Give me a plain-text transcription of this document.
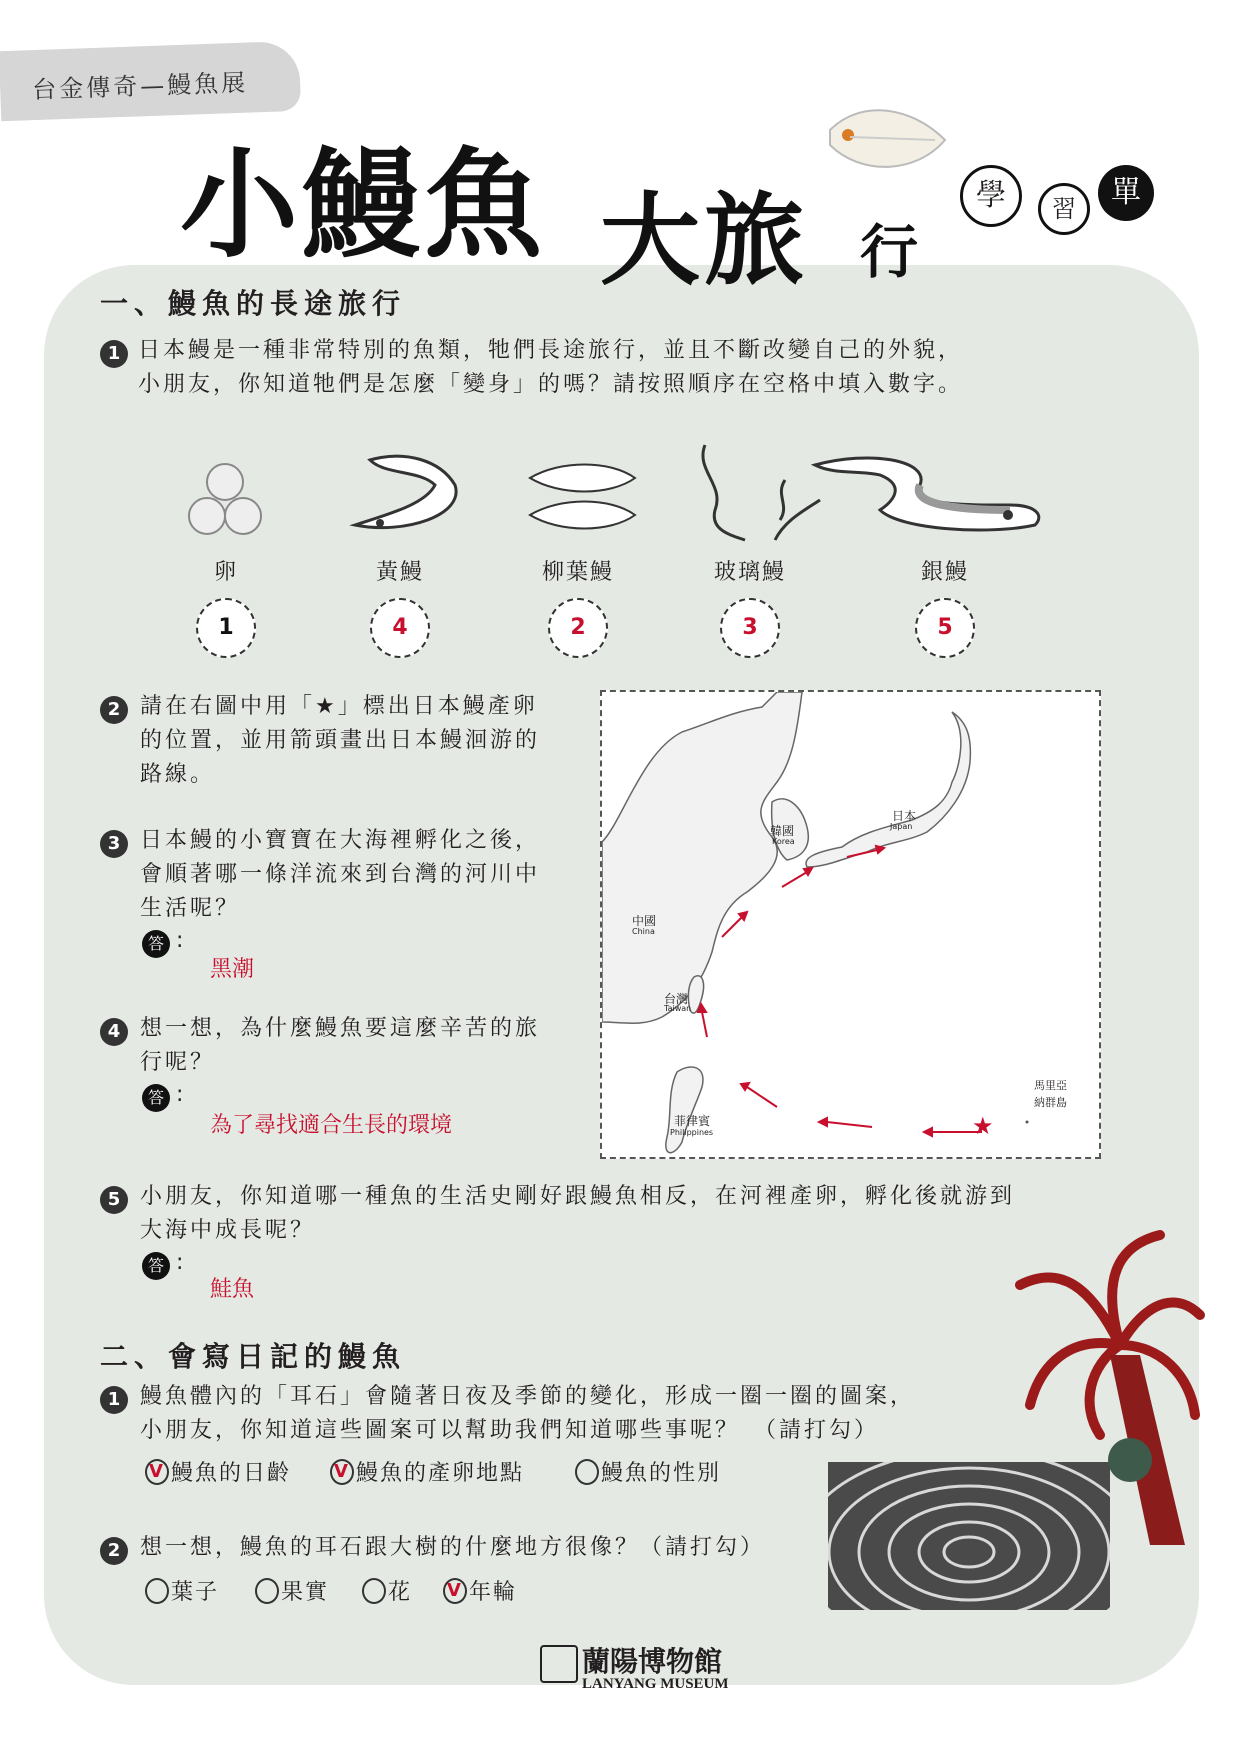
台金傳奇—鰻魚展
小鰻魚 大旅 行
學	習	單
一、鰻魚的長途旅行
1 日本鰻是一種非常特別的魚類，牠們長途旅行，並且不斷改變自己的外貌，
小朋友，你知道牠們是怎麼「變身」的嗎？請按照順序在空格中填入數字。
卵	黃鰻	柳葉鰻	玻璃鰻	銀鰻
1	4	2	3	5
2 請在右圖中用「★」標出日本鰻產卵
的位置，並用箭頭畫出日本鰻洄游的
路線。
3 日本鰻的小寶寶在大海裡孵化之後，
會順著哪一條洋流來到台灣的河川中
生活呢？
答 :
黑潮
4 想一想，為什麼鰻魚要這麼辛苦的旅
行呢？
答 :
為了尋找適合生長的環境	★
韓國
Korea
日本
Japan
中國
China
台灣
Taiwan
菲律賓
Philippines
馬里亞
納群島
5 小朋友，你知道哪一種魚的生活史剛好跟鰻魚相反，在河裡產卵，孵化後就游到
大海中成長呢？
答 :
鮭魚
二、會寫日記的鰻魚
1 鰻魚體內的「耳石」會隨著日夜及季節的變化，形成一圈一圈的圖案，
小朋友，你知道這些圖案可以幫助我們知道哪些事呢？　（請打勾）
V 鰻魚的日齡 V 鰻魚的產卵地點	鰻魚的性別
2 想一想，鰻魚的耳石跟大樹的什麼地方很像？（請打勾）
葉子	果實	花 V 年輪
蘭陽博物館
LANYANG MUSEUM
